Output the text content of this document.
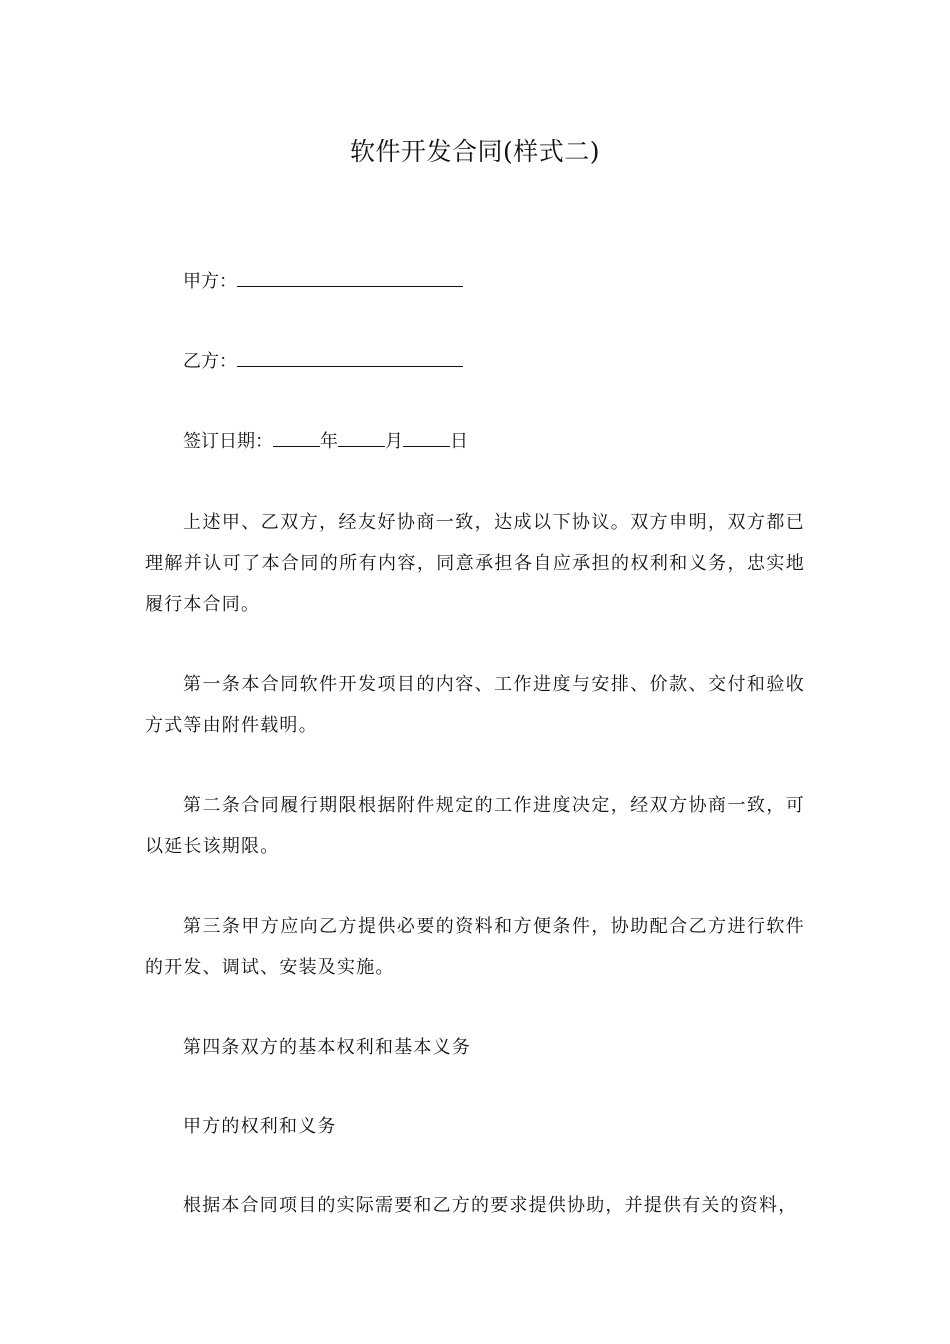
软件开发合同(样式二)
甲方：
乙方：
签订日期：	年	月	日
上述甲、乙双方，经友好协商一致，达成以下协议。双方申明，双方都已理解并认可了本合同的所有内容，同意承担各自应承担的权利和义务，忠实地履行本合同。
第一条本合同软件开发项目的内容、工作进度与安排、价款、交付和验收方式等由附件载明。
第二条合同履行期限根据附件规定的工作进度决定，经双方协商一致，可以延长该期限。
第三条甲方应向乙方提供必要的资料和方便条件，协助配合乙方进行软件的开发、调试、安装及实施。
第四条双方的基本权利和基本义务
甲方的权利和义务
根据本合同项目的实际需要和乙方的要求提供协助，并提供有关的资料，
